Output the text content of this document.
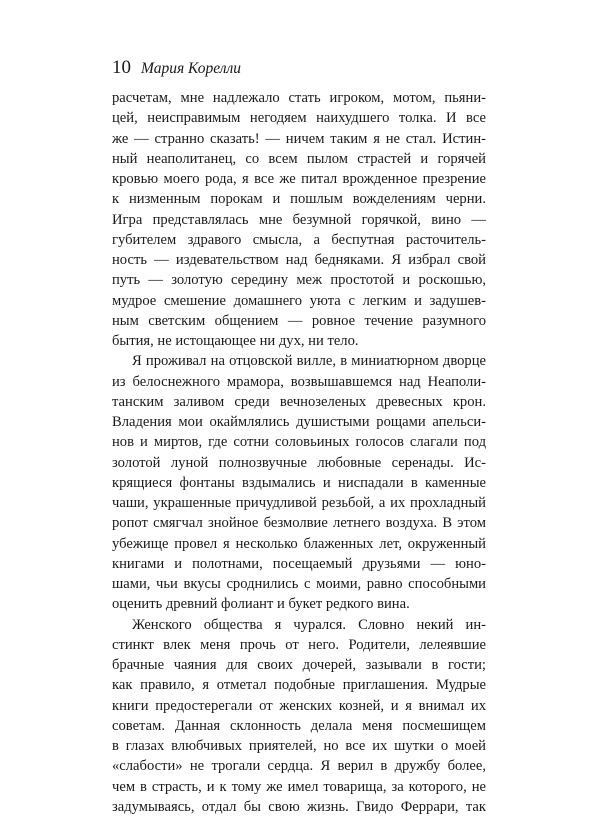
10 Мария Корелли
расчетам, мне надлежало стать игроком, мотом, пьяни-
цей, неисправимым негодяем наихудшего толка. И все
же — странно сказать! — ничем таким я не стал. Истин-
ный неаполитанец, со всем пылом страстей и горячей
кровью моего рода, я все же питал врожденное презрение
к низменным порокам и пошлым вожделениям черни.
Игра представлялась мне безумной горячкой, вино —
губителем здравого смысла, а беспутная расточитель-
ность — издевательством над бедняками. Я избрал свой
путь — золотую середину меж простотой и роскошью,
мудрое смешение домашнего уюта с легким и задушев-
ным светским общением — ровное течение разумного
бытия, не истощающее ни дух, ни тело.
Я проживал на отцовской вилле, в миниатюрном дворце
из белоснежного мрамора, возвышавшемся над Неаполи-
танским заливом среди вечнозеленых древесных крон.
Владения мои окаймлялись душистыми рощами апельси-
нов и миртов, где сотни соловьиных голосов слагали под
золотой луной полнозвучные любовные серенады. Ис-
крящиеся фонтаны вздымались и ниспадали в каменные
чаши, украшенные причудливой резьбой, а их прохладный
ропот смягчал знойное безмолвие летнего воздуха. В этом
убежище провел я несколько блаженных лет, окруженный
книгами и полотнами, посещаемый друзьями — юно-
шами, чьи вкусы сроднились с моими, равно способными
оценить древний фолиант и букет редкого вина.
Женского общества я чурался. Словно некий ин-
стинкт влек меня прочь от него. Родители, лелеявшие
брачные чаяния для своих дочерей, зазывали в гости;
как правило, я отметал подобные приглашения. Мудрые
книги предостерегали от женских козней, и я внимал их
советам. Данная склонность делала меня посмешищем
в глазах влюбчивых приятелей, но все их шутки о моей
«слабости» не трогали сердца. Я верил в дружбу более,
чем в страсть, и к тому же имел товарища, за которого, не
задумываясь, отдал бы свою жизнь. Гвидо Феррари, так
